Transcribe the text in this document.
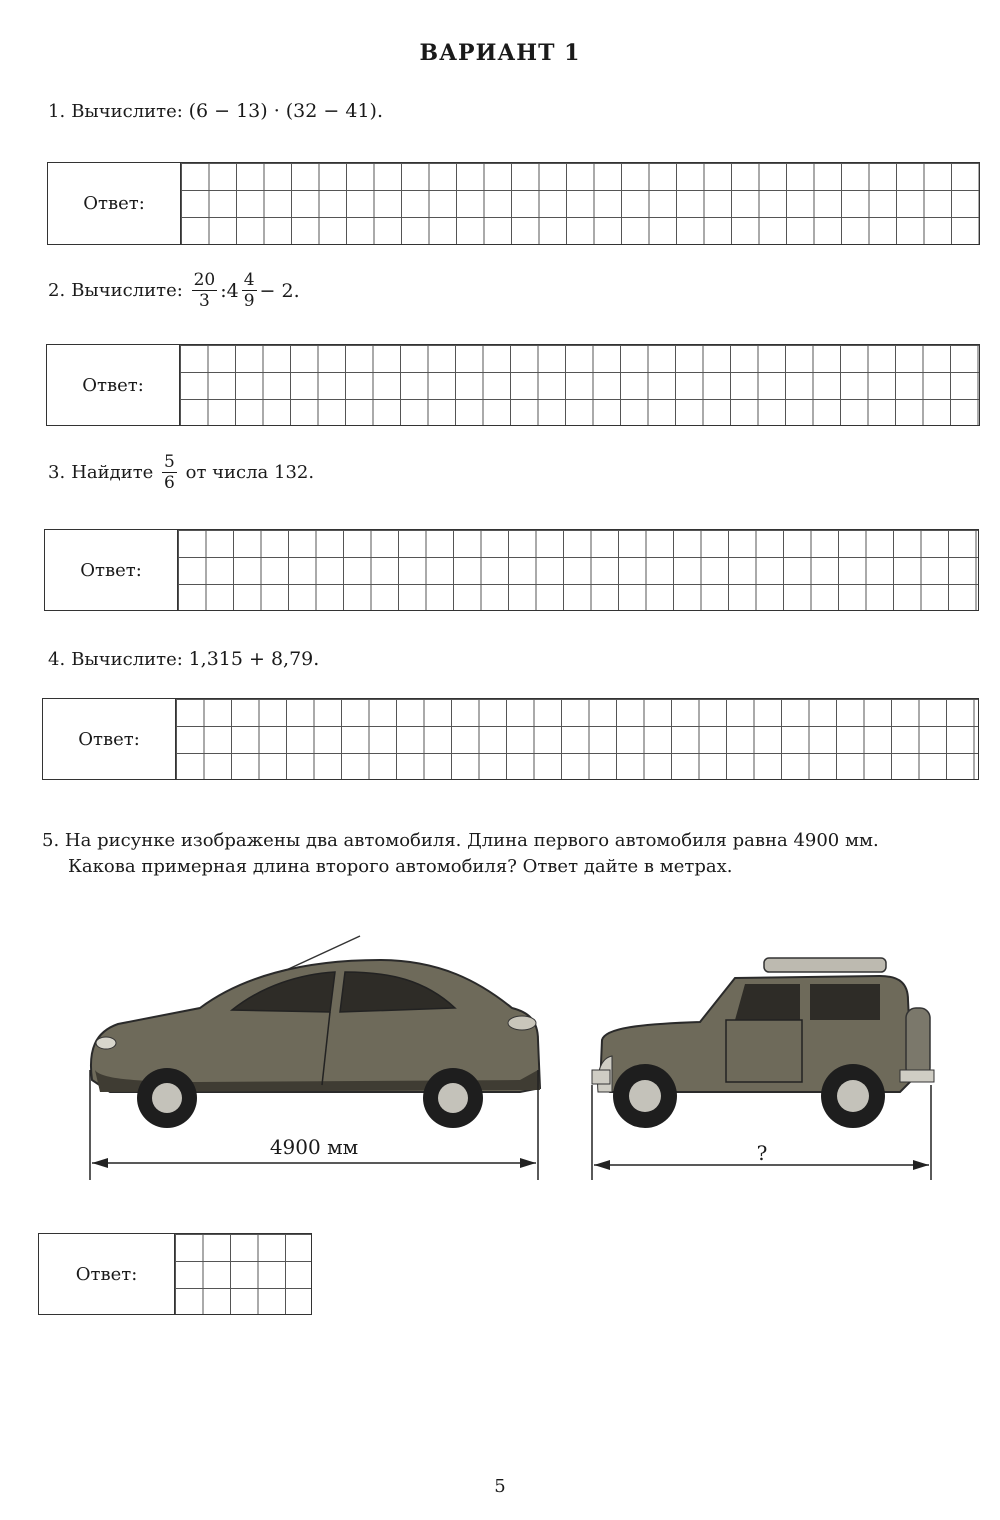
ВАРИАНТ 1
1. Вычислите:
(6 − 13) · (32 − 41).
Ответ:
2. Вычислите:
$\frac{20}{3}$ : $4 \frac{4}{9} - 2$.
Ответ:
3. Найдите
$\frac{5}{6}$
от числа 132.
Ответ:
4. Вычислите:
1,315 + 8,79.
Ответ:
5. На рисунке изображены два автомобиля. Длина первого автомобиля равна 4900 мм.
Какова примерная длина второго автомобиля? Ответ дайте в метрах.
4900 мм	?
Ответ:
5
